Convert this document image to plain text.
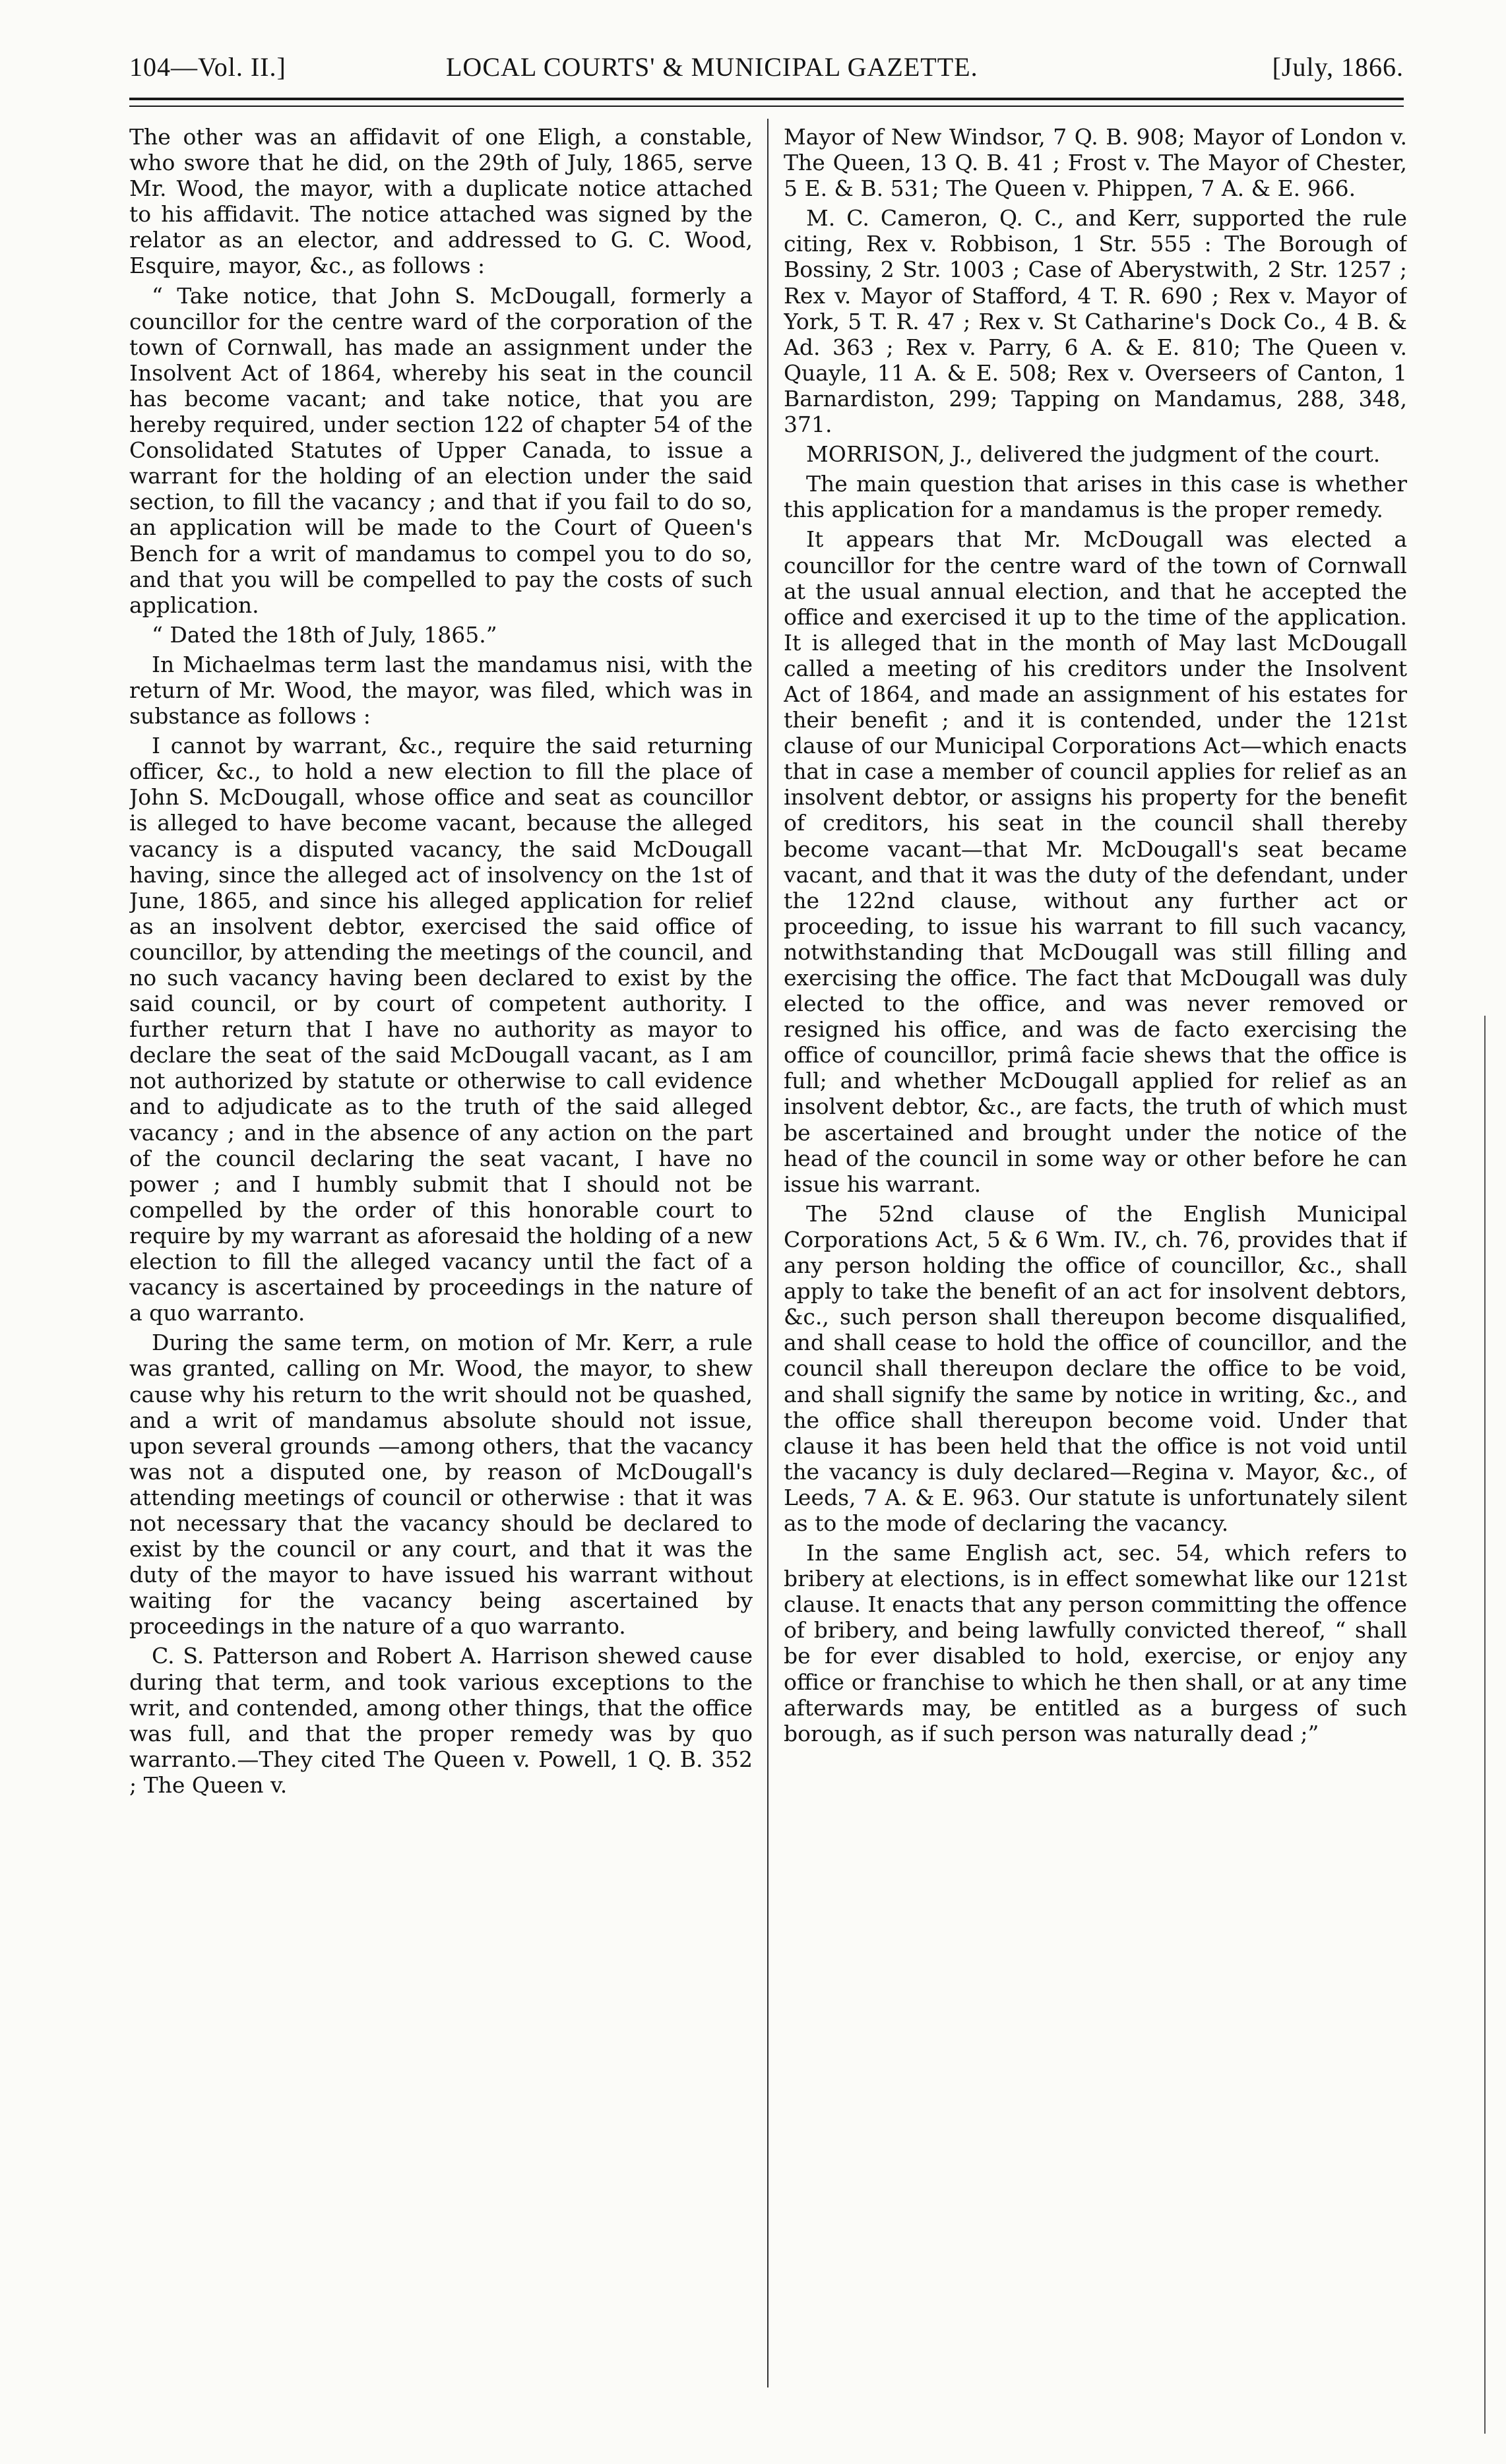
104—Vol. II.]	LOCAL COURTS' & MUNICIPAL GAZETTE.	[July, 1866.

The other was an affidavit of one Eligh, a constable, who swore that he did, on the 29th of July, 1865, serve Mr. Wood, the mayor, with a duplicate notice attached to his affidavit. The notice attached was signed by the relator as an elector, and addressed to G. C. Wood, Esquire, mayor, &c., as follows :

“ Take notice, that John S. McDougall, formerly a councillor for the centre ward of the corporation of the town of Cornwall, has made an assignment under the Insolvent Act of 1864, whereby his seat in the council has become vacant; and take notice, that you are hereby required, under section 122 of chapter 54 of the Consolidated Statutes of Upper Canada, to issue a warrant for the holding of an election under the said section, to fill the vacancy ; and that if you fail to do so, an application will be made to the Court of Queen's Bench for a writ of mandamus to compel you to do so, and that you will be compelled to pay the costs of such application.

“ Dated the 18th of July, 1865.”

In Michaelmas term last the mandamus nisi, with the return of Mr. Wood, the mayor, was filed, which was in substance as follows :

I cannot by warrant, &c., require the said returning officer, &c., to hold a new election to fill the place of John S. McDougall, whose office and seat as councillor is alleged to have become vacant, because the alleged vacancy is a disputed vacancy, the said McDougall having, since the alleged act of insolvency on the 1st of June, 1865, and since his alleged application for relief as an insolvent debtor, exercised the said office of councillor, by attending the meetings of the council, and no such vacancy having been declared to exist by the said council, or by court of competent authority. I further return that I have no authority as mayor to declare the seat of the said McDougall vacant, as I am not authorized by statute or otherwise to call evidence and to adjudicate as to the truth of the said alleged vacancy ; and in the absence of any action on the part of the council declaring the seat vacant, I have no power ; and I humbly submit that I should not be compelled by the order of this honorable court to require by my warrant as aforesaid the holding of a new election to fill the alleged vacancy until the fact of a vacancy is ascertained by proceedings in the nature of a quo warranto.

During the same term, on motion of Mr. Kerr, a rule was granted, calling on Mr. Wood, the mayor, to shew cause why his return to the writ should not be quashed, and a writ of mandamus absolute should not issue, upon several grounds —among others, that the vacancy was not a disputed one, by reason of McDougall's attending meetings of council or otherwise : that it was not necessary that the vacancy should be declared to exist by the council or any court, and that it was the duty of the mayor to have issued his warrant without waiting for the vacancy being ascertained by proceedings in the nature of a quo warranto.

C. S. Patterson and Robert A. Harrison shewed cause during that term, and took various exceptions to the writ, and contended, among other things, that the office was full, and that the proper remedy was by quo warranto.—They cited The Queen v. Powell, 1 Q. B. 352 ; The Queen v.

Mayor of New Windsor, 7 Q. B. 908; Mayor of London v. The Queen, 13 Q. B. 41 ; Frost v. The Mayor of Chester, 5 E. & B. 531; The Queen v. Phippen, 7 A. & E. 966.

M. C. Cameron, Q. C., and Kerr, supported the rule citing, Rex v. Robbison, 1 Str. 555 : The Borough of Bossiny, 2 Str. 1003 ; Case of Aberystwith, 2 Str. 1257 ; Rex v. Mayor of Stafford, 4 T. R. 690 ; Rex v. Mayor of York, 5 T. R. 47 ; Rex v. St Catharine's Dock Co., 4 B. & Ad. 363 ; Rex v. Parry, 6 A. & E. 810; The Queen v. Quayle, 11 A. & E. 508; Rex v. Overseers of Canton, 1 Barnardiston, 299; Tapping on Mandamus, 288, 348, 371.

MORRISON, J., delivered the judgment of the court.

The main question that arises in this case is whether this application for a mandamus is the proper remedy.

It appears that Mr. McDougall was elected a councillor for the centre ward of the town of Cornwall at the usual annual election, and that he accepted the office and exercised it up to the time of the application. It is alleged that in the month of May last McDougall called a meeting of his creditors under the Insolvent Act of 1864, and made an assignment of his estates for their benefit ; and it is contended, under the 121st clause of our Municipal Corporations Act—which enacts that in case a member of council applies for relief as an insolvent debtor, or assigns his property for the benefit of creditors, his seat in the council shall thereby become vacant—that Mr. McDougall's seat became vacant, and that it was the duty of the defendant, under the 122nd clause, without any further act or proceeding, to issue his warrant to fill such vacancy, notwithstanding that McDougall was still filling and exercising the office. The fact that McDougall was duly elected to the office, and was never removed or resigned his office, and was de facto exercising the office of councillor, primâ facie shews that the office is full; and whether McDougall applied for relief as an insolvent debtor, &c., are facts, the truth of which must be ascertained and brought under the notice of the head of the council in some way or other before he can issue his warrant.

The 52nd clause of the English Municipal Corporations Act, 5 & 6 Wm. IV., ch. 76, provides that if any person holding the office of councillor, &c., shall apply to take the benefit of an act for insolvent debtors, &c., such person shall thereupon become disqualified, and shall cease to hold the office of councillor, and the council shall thereupon declare the office to be void, and shall signify the same by notice in writing, &c., and the office shall thereupon become void. Under that clause it has been held that the office is not void until the vacancy is duly declared—Regina v. Mayor, &c., of Leeds, 7 A. & E. 963. Our statute is unfortunately silent as to the mode of declaring the vacancy.

In the same English act, sec. 54, which refers to bribery at elections, is in effect somewhat like our 121st clause. It enacts that any person committing the offence of bribery, and being lawfully convicted thereof, “ shall be for ever disabled to hold, exercise, or enjoy any office or franchise to which he then shall, or at any time afterwards may, be entitled as a burgess of such borough, as if such person was naturally dead ;”
